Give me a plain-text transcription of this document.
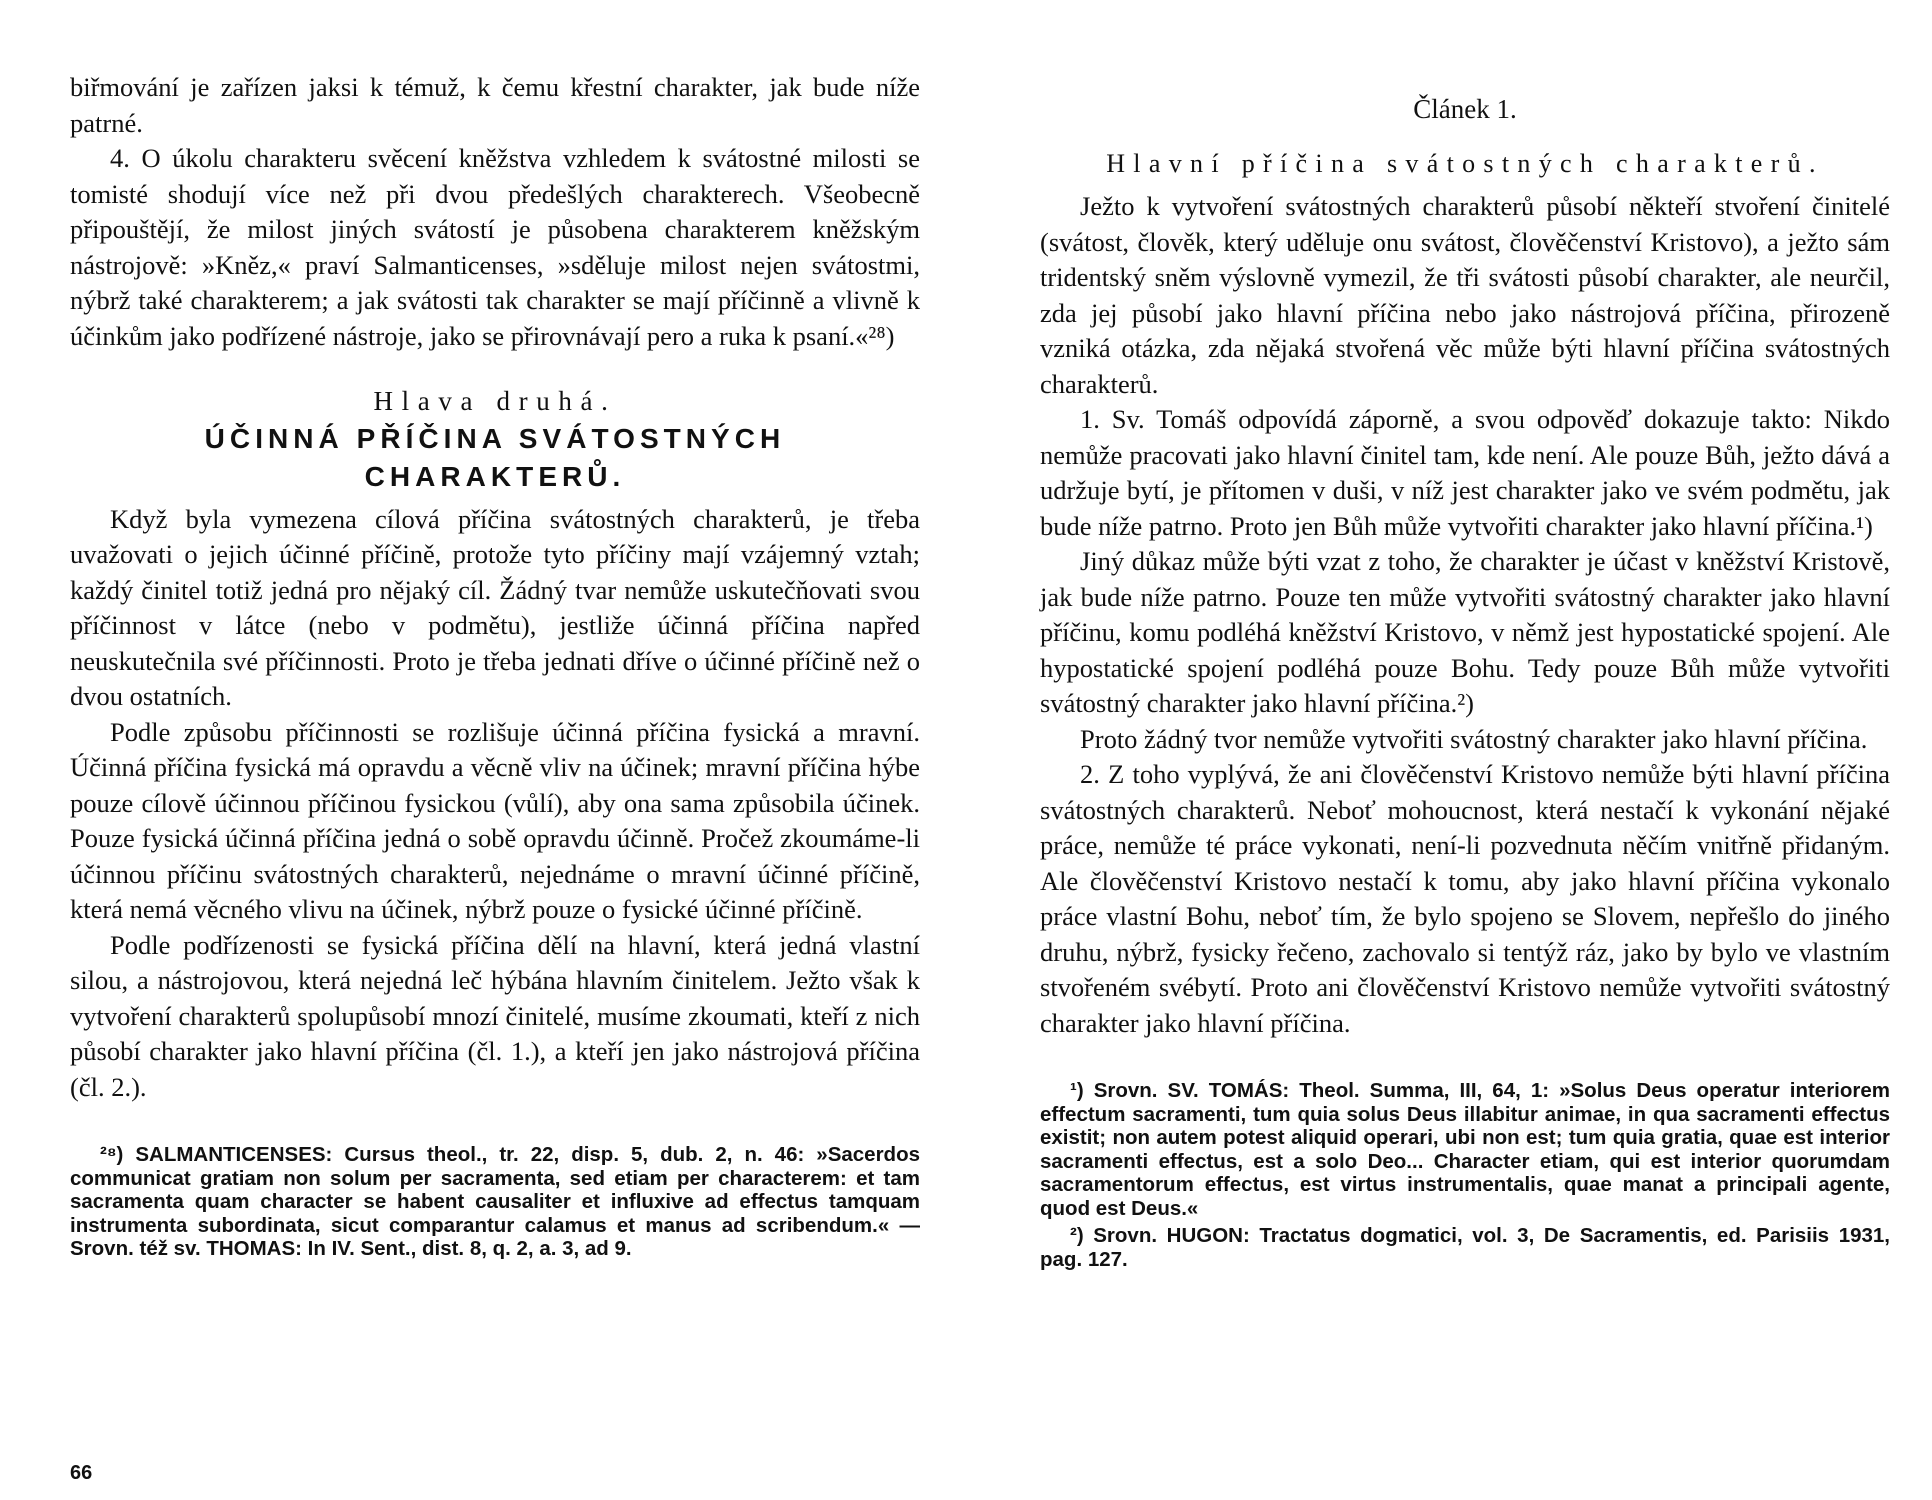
biřmování je zařízen jaksi k témuž, k čemu křestní charakter, jak bude níže patrné.

4. O úkolu charakteru svěcení kněžstva vzhledem k svátostné milosti se tomisté shodují více než při dvou předešlých charakterech. Všeobecně připouštějí, že milost jiných svátostí je působena charakterem kněžským nástrojově: »Kněz,« praví Salmanticenses, »sděluje milost nejen svátostmi, nýbrž také charakterem; a jak svátosti tak charakter se mají příčinně a vlivně k účinkům jako podřízené nástroje, jako se přirovnávají pero a ruka k psaní.«²⁸)

Hlava druhá.
ÚČINNÁ PŘÍČINA SVÁTOSTNÝCH
CHARAKTERŮ.

Když byla vymezena cílová příčina svátostných charakterů, je třeba uvažovati o jejich účinné příčině, protože tyto příčiny mají vzájemný vztah; každý činitel totiž jedná pro nějaký cíl. Žádný tvar nemůže uskutečňovati svou příčinnost v látce (nebo v podmětu), jestliže účinná příčina napřed neuskutečnila své příčinnosti. Proto je třeba jednati dříve o účinné příčině než o dvou ostatních.

Podle způsobu příčinnosti se rozlišuje účinná příčina fysická a mravní. Účinná příčina fysická má opravdu a věcně vliv na účinek; mravní příčina hýbe pouze cílově účinnou příčinou fysickou (vůlí), aby ona sama způsobila účinek. Pouze fysická účinná příčina jedná o sobě opravdu účinně. Pročež zkoumáme-li účinnou příčinu svátostných charakterů, nejednáme o mravní účinné příčině, která nemá věcného vlivu na účinek, nýbrž pouze o fysické účinné příčině.

Podle podřízenosti se fysická příčina dělí na hlavní, která jedná vlastní silou, a nástrojovou, která nejedná leč hýbána hlavním činitelem. Ježto však k vytvoření charakterů spolupůsobí mnozí činitelé, musíme zkoumati, kteří z nich působí charakter jako hlavní příčina (čl. 1.), a kteří jen jako nástrojová příčina (čl. 2.).

²⁸) SALMANTICENSES: Cursus theol., tr. 22, disp. 5, dub. 2, n. 46: »Sacerdos communicat gratiam non solum per sacramenta, sed etiam per characterem: et tam sacramenta quam character se habent causaliter et influxive ad effectus tamquam instrumenta subordinata, sicut comparantur calamus et manus ad scribendum.« — Srovn. též sv. THOMAS: In IV. Sent., dist. 8, q. 2, a. 3, ad 9.

66
Článek 1.
Hlavní příčina svátostných charakterů.

Ježto k vytvoření svátostných charakterů působí někteří stvoření činitelé (svátost, člověk, který uděluje onu svátost, člověčenství Kristovo), a ježto sám tridentský sněm výslovně vymezil, že tři svátosti působí charakter, ale neurčil, zda jej působí jako hlavní příčina nebo jako nástrojová příčina, přirozeně vzniká otázka, zda nějaká stvořená věc může býti hlavní příčina svátostných charakterů.

1. Sv. Tomáš odpovídá záporně, a svou odpověď dokazuje takto: Nikdo nemůže pracovati jako hlavní činitel tam, kde není. Ale pouze Bůh, ježto dává a udržuje bytí, je přítomen v duši, v níž jest charakter jako ve svém podmětu, jak bude níže patrno. Proto jen Bůh může vytvořiti charakter jako hlavní příčina.¹)

Jiný důkaz může býti vzat z toho, že charakter je účast v kněžství Kristově, jak bude níže patrno. Pouze ten může vytvořiti svátostný charakter jako hlavní příčinu, komu podléhá kněžství Kristovo, v němž jest hypostatické spojení. Ale hypostatické spojení podléhá pouze Bohu. Tedy pouze Bůh může vytvořiti svátostný charakter jako hlavní příčina.²)

Proto žádný tvor nemůže vytvořiti svátostný charakter jako hlavní příčina.

2. Z toho vyplývá, že ani člověčenství Kristovo nemůže býti hlavní příčina svátostných charakterů. Neboť mohoucnost, která nestačí k vykonání nějaké práce, nemůže té práce vykonati, není-li pozvednuta něčím vnitřně přidaným. Ale člověčenství Kristovo nestačí k tomu, aby jako hlavní příčina vykonalo práce vlastní Bohu, neboť tím, že bylo spojeno se Slovem, nepřešlo do jiného druhu, nýbrž, fysicky řečeno, zachovalo si tentýž ráz, jako by bylo ve vlastním stvořeném svébytí. Proto ani člověčenství Kristovo nemůže vytvořiti svátostný charakter jako hlavní příčina.

¹) Srovn. SV. TOMÁS: Theol. Summa, III, 64, 1: »Solus Deus operatur interiorem effectum sacramenti, tum quia solus Deus illabitur animae, in qua sacramenti effectus existit; non autem potest aliquid operari, ubi non est; tum quia gratia, quae est interior sacramenti effectus, est a solo Deo... Character etiam, qui est interior quorumdam sacramentorum effectus, est virtus instrumentalis, quae manat a principali agente, quod est Deus.«

²) Srovn. HUGON: Tractatus dogmatici, vol. 3, De Sacramentis, ed. Parisiis 1931, pag. 127.
